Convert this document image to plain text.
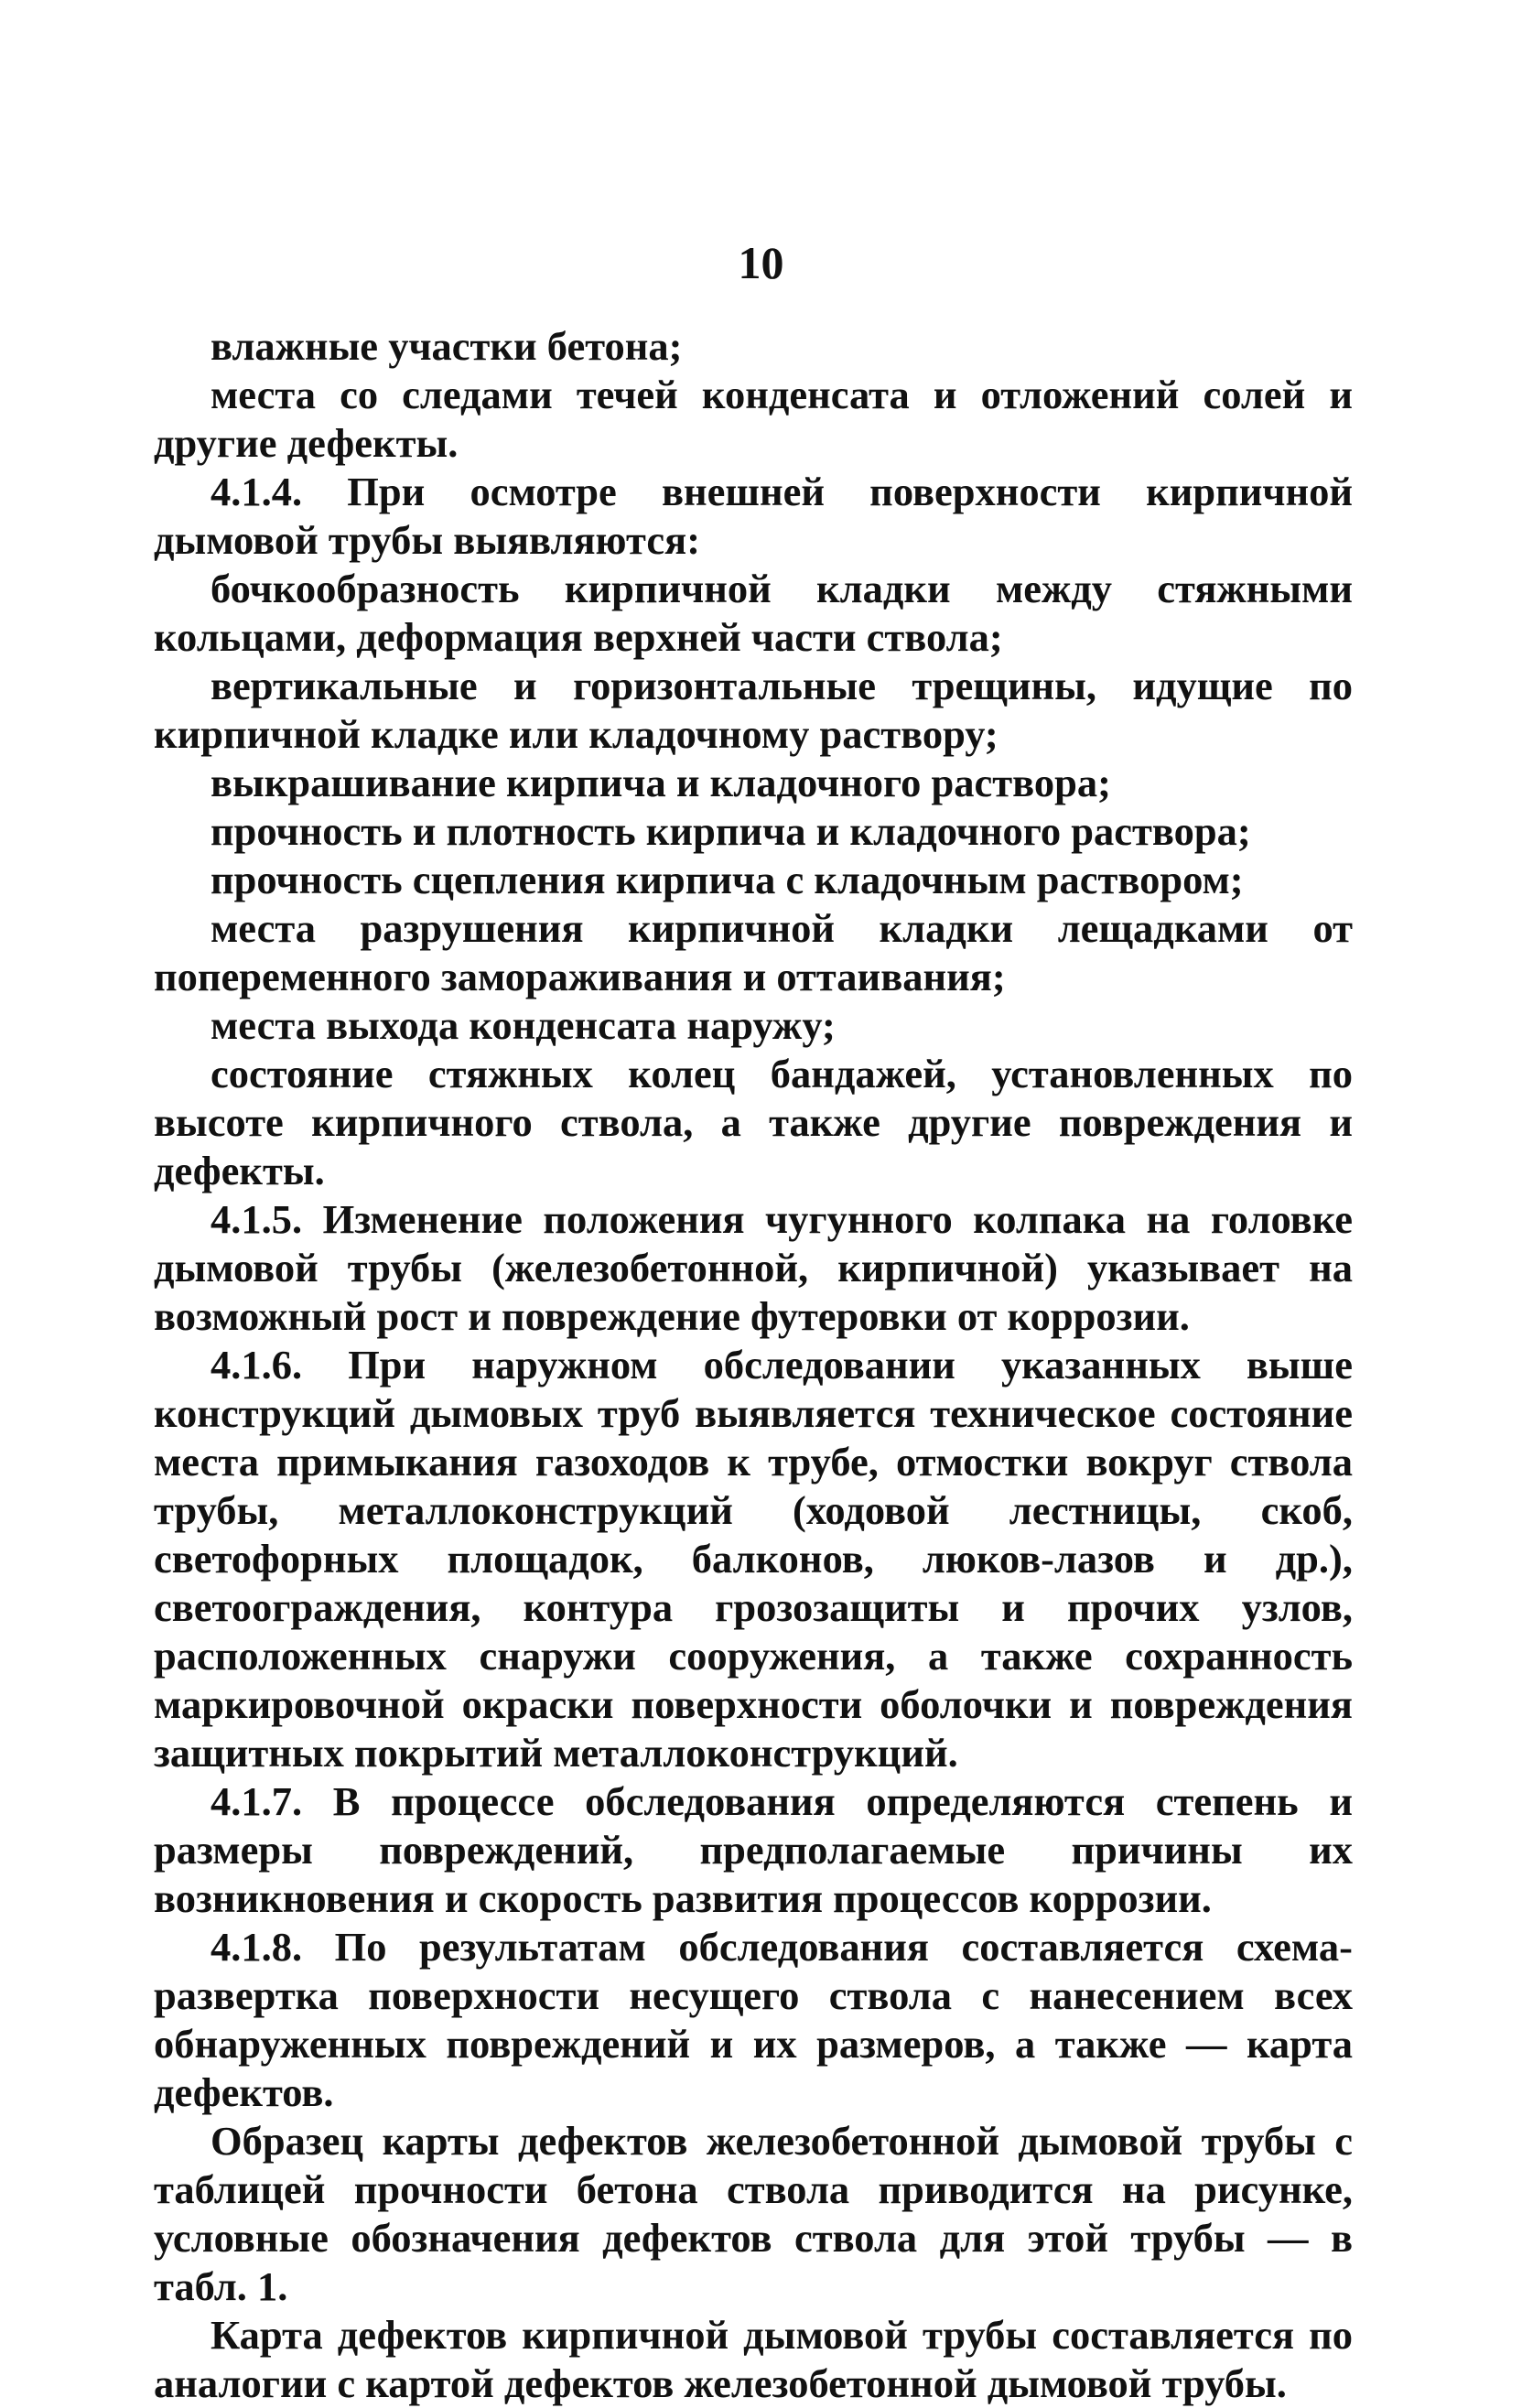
10

влажные участки бетона;

места со следами течей конденсата и отложений солей и другие дефекты.

4.1.4. При осмотре внешней поверхности кирпичной дымовой трубы выявляются:

бочкообразность кирпичной кладки между стяжными кольцами, деформация верхней части ствола;

вертикальные и горизонтальные трещины, идущие по кирпичной кладке или кладочному раствору;

выкрашивание кирпича и кладочного раствора;

прочность и плотность кирпича и кладочного раствора;

прочность сцепления кирпича с кладочным раствором;

места разрушения кирпичной кладки лещадками от попеременного замораживания и оттаивания;

места выхода конденсата наружу;

состояние стяжных колец бандажей, установленных по высоте кирпичного ствола, а также другие повреждения и дефекты.

4.1.5. Изменение положения чугунного колпака на головке дымовой трубы (железобетонной, кирпичной) указывает на возможный рост и повреждение футеровки от коррозии.

4.1.6. При наружном обследовании указанных выше конструкций дымовых труб выявляется техническое состояние места примыкания газоходов к трубе, отмостки вокруг ствола трубы, металлоконструкций (ходовой лестницы, скоб, светофорных площадок, балконов, люков-лазов и др.), светоограждения, контура грозозащиты и прочих узлов, расположенных снаружи сооружения, а также сохранность маркировочной окраски поверхности оболочки и повреждения защитных покрытий металлоконструкций.

4.1.7. В процессе обследования определяются степень и размеры повреждений, предполагаемые причины их возникновения и скорость развития процессов коррозии.

4.1.8. По результатам обследования составляется схема-развертка поверхности несущего ствола с нанесением всех обнаруженных повреждений и их размеров, а также — карта дефектов.

Образец карты дефектов железобетонной дымовой трубы с таблицей прочности бетона ствола приводится на рисунке, условные обозначения дефектов ствола для этой трубы — в табл. 1.

Карта дефектов кирпичной дымовой трубы составляется по аналогии с картой дефектов железобетонной дымовой трубы.
